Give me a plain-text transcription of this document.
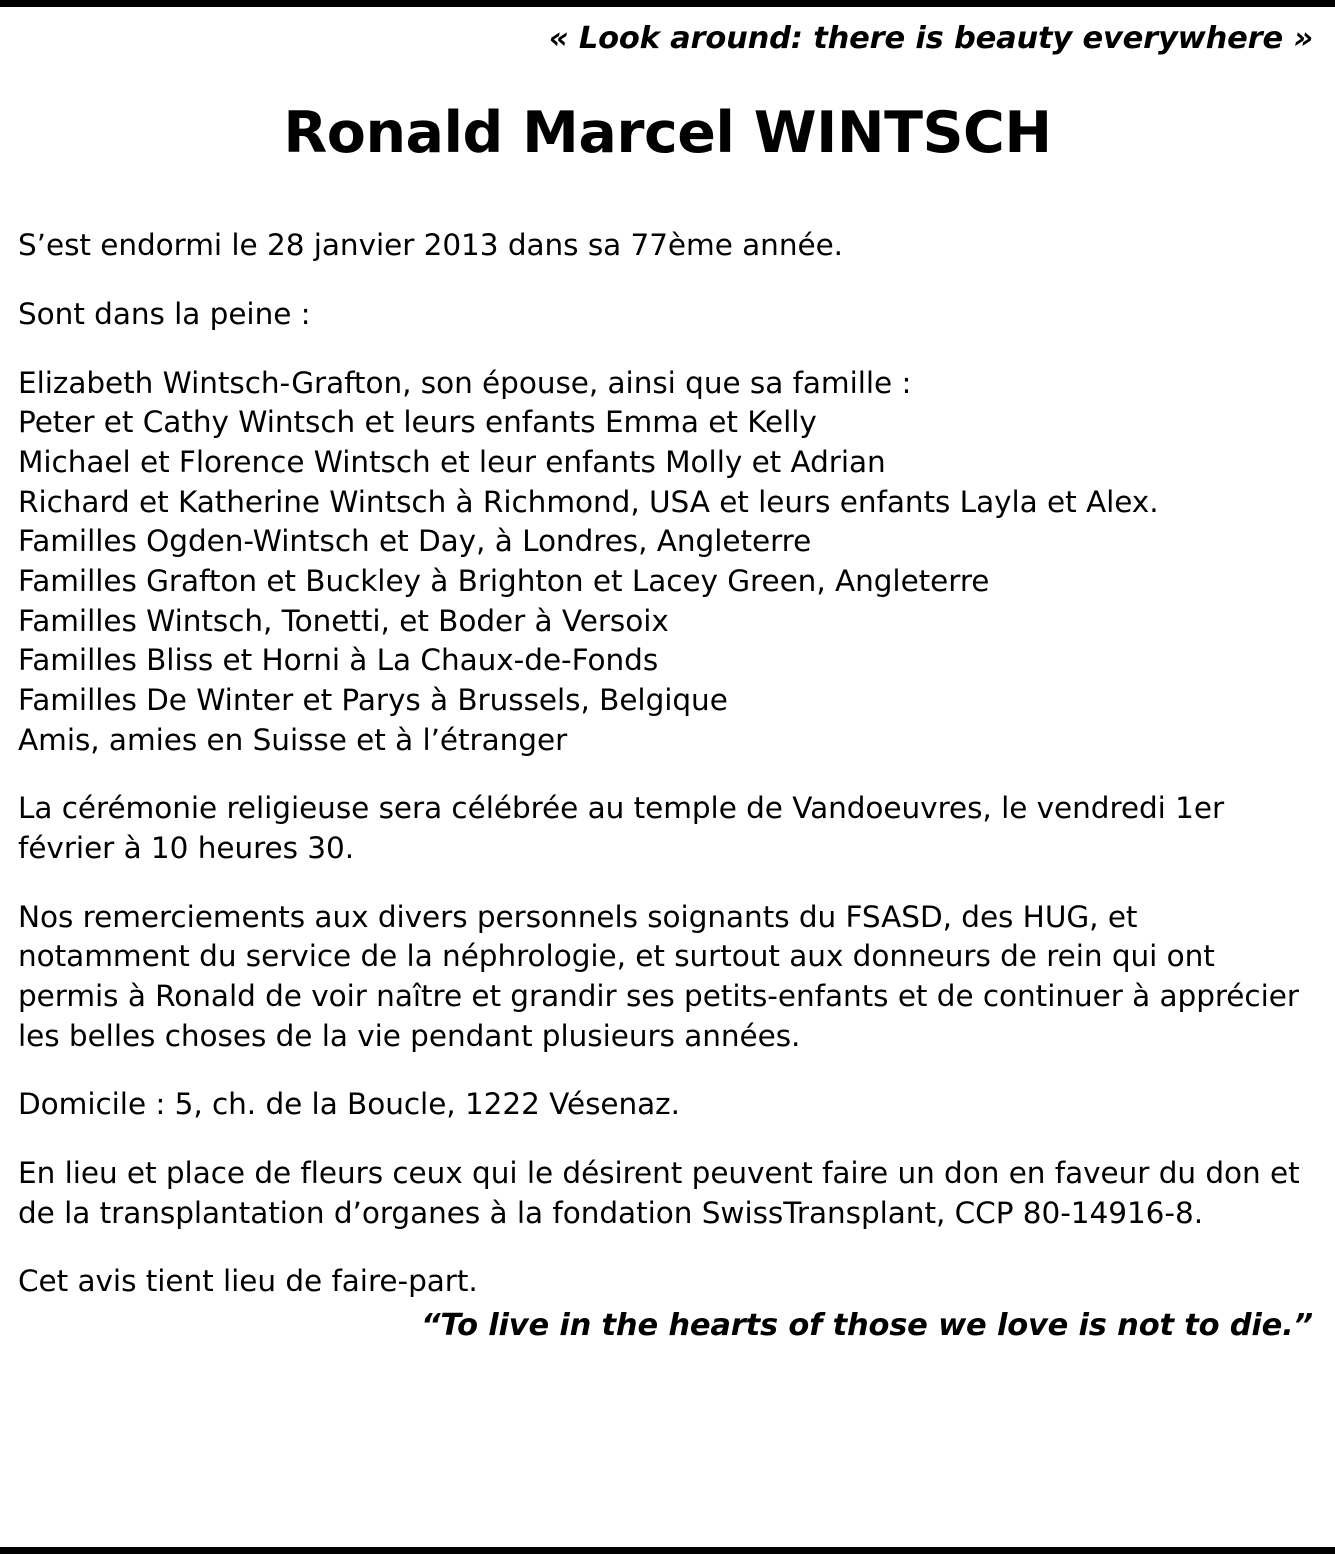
« Look around: there is beauty everywhere »
Ronald Marcel WINTSCH

S’est endormi le 28 janvier 2013 dans sa 77ème année.

Sont dans la peine :

Elizabeth Wintsch-Grafton, son épouse, ainsi que sa famille :
Peter et Cathy Wintsch et leurs enfants Emma et Kelly
Michael et Florence Wintsch et leur enfants Molly et Adrian
Richard et Katherine Wintsch à Richmond, USA et leurs enfants Layla et Alex.
Familles Ogden-Wintsch et Day, à Londres, Angleterre
Familles Grafton et Buckley à Brighton et Lacey Green, Angleterre
Familles Wintsch, Tonetti, et Boder à Versoix
Familles Bliss et Horni à La Chaux-de-Fonds
Familles De Winter et Parys à Brussels, Belgique
Amis, amies en Suisse et à l’étranger

La cérémonie religieuse sera célébrée au temple de Vandoeuvres, le vendredi 1er février à 10 heures 30.

Nos remerciements aux divers personnels soignants du FSASD, des HUG, et notamment du service de la néphrologie, et surtout aux donneurs de rein qui ont permis à Ronald de voir naître et grandir ses petits-enfants et de continuer à apprécier les belles choses de la vie pendant plusieurs années.

Domicile : 5, ch. de la Boucle, 1222 Vésenaz.

En lieu et place de fleurs ceux qui le désirent peuvent faire un don en faveur du don et de la transplantation d’organes à la fondation SwissTransplant, CCP 80-14916-8.

Cet avis tient lieu de faire-part.

“To live in the hearts of those we love is not to die.”
